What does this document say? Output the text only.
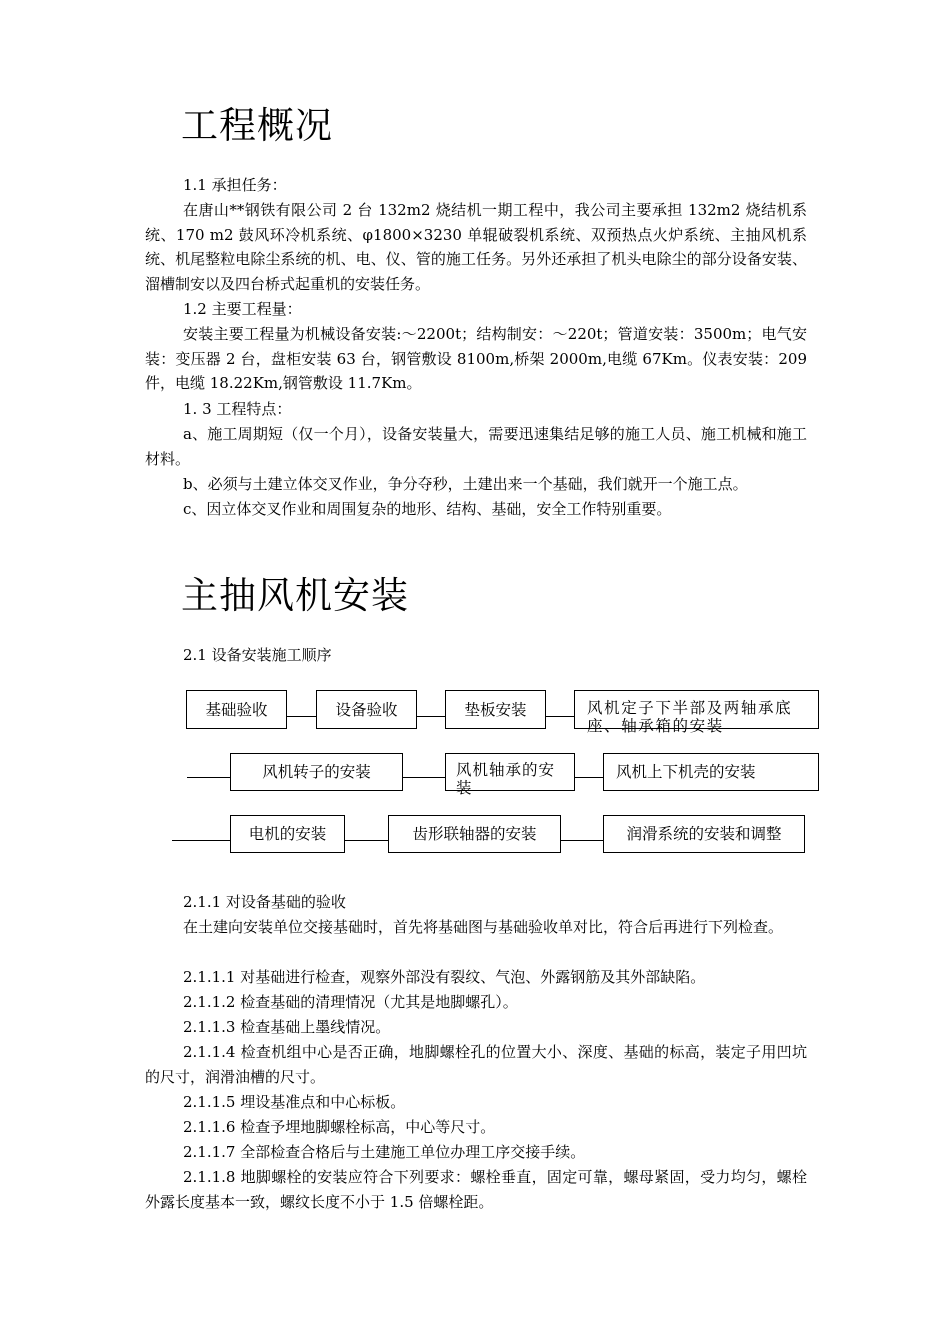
工程概况

1.1 承担任务：

在唐山**钢铁有限公司 2 台 132m2 烧结机一期工程中，我公司主要承担 132m2 烧结机系统、170 m2 鼓风环冷机系统、φ1800×3230 单辊破裂机系统、双预热点火炉系统、主抽风机系统、机尾整粒电除尘系统的机、电、仪、管的施工任务。另外还承担了机头电除尘的部分设备安装、溜槽制安以及四台桥式起重机的安装任务。

1.2 主要工程量：

安装主要工程量为机械设备安装:～2200t；结构制安：～220t；管道安装：3500m；电气安装：变压器 2 台，盘柜安装 63 台，钢管敷设 8100m,桥架 2000m,电缆 67Km。仪表安装：209 件，电缆 18.22Km,钢管敷设 11.7Km。

1. 3 工程特点：

a、施工周期短（仅一个月），设备安装量大，需要迅速集结足够的施工人员、施工机械和施工材料。

b、必须与土建立体交叉作业，争分夺秒，土建出来一个基础，我们就开一个施工点。

c、因立体交叉作业和周围复杂的地形、结构、基础，安全工作特别重要。

主抽风机安装

2.1 设备安装施工顺序

基础验收	设备验收	垫板安装	风机定子下半部及两轴承底座、轴承箱的安装
风机转子的安装	风机轴承的安装
风机上下机壳的安装
电机的安装	齿形联轴器的安装	润滑系统的安装和调整

2.1.1 对设备基础的验收

在土建向安装单位交接基础时，首先将基础图与基础验收单对比，符合后再进行下列检查。

2.1.1.1 对基础进行检查，观察外部没有裂纹、气泡、外露钢筋及其外部缺陷。

2.1.1.2 检查基础的清理情况（尤其是地脚螺孔）。

2.1.1.3 检查基础上墨线情况。

2.1.1.4 检查机组中心是否正确，地脚螺栓孔的位置大小、深度、基础的标高，装定子用凹坑的尺寸，润滑油槽的尺寸。

2.1.1.5 埋设基准点和中心标板。

2.1.1.6 检查予埋地脚螺栓标高，中心等尺寸。

2.1.1.7 全部检查合格后与土建施工单位办理工序交接手续。

2.1.1.8 地脚螺栓的安装应符合下列要求：螺栓垂直，固定可靠，螺母紧固，受力均匀，螺栓外露长度基本一致，螺纹长度不小于 1.5 倍螺栓距。
